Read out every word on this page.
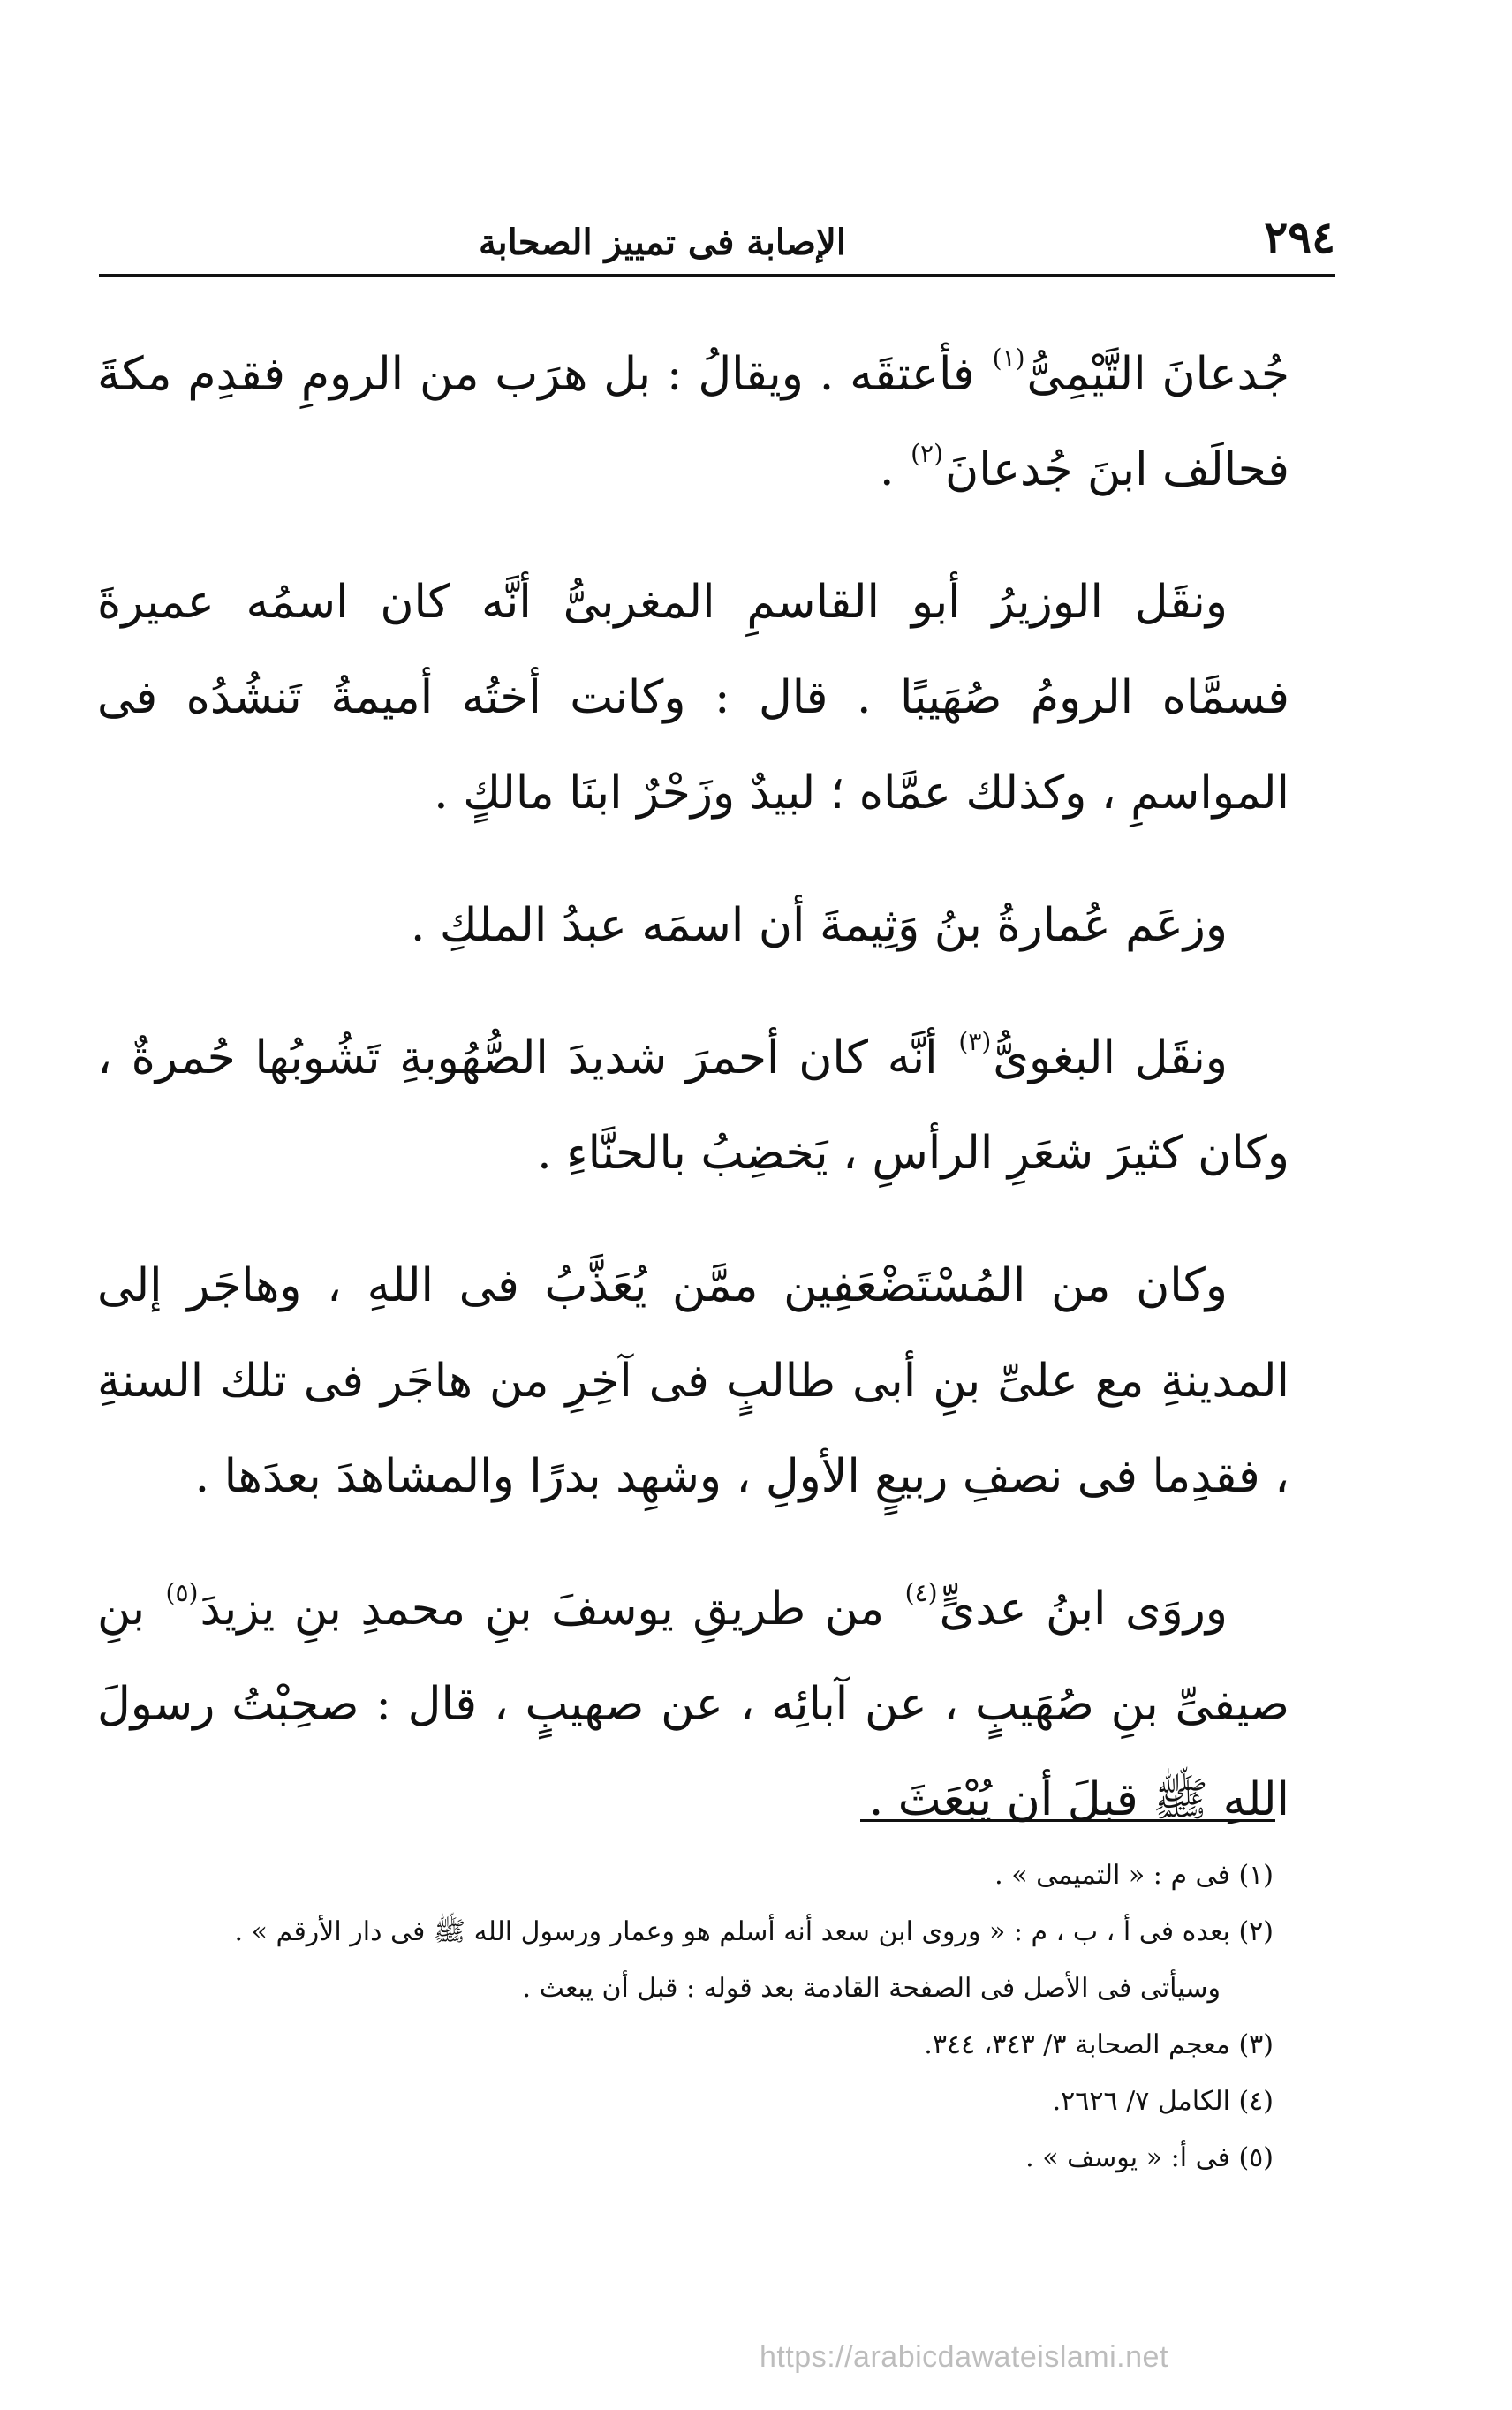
٢٩٤
الإصابة فى تمييز الصحابة

جُدعانَ التَّيْمِىُّ$^{(١)}$ فأعتقَه . ويقالُ : بل هرَب من الرومِ فقدِم مكةَ فحالَف ابنَ جُدعانَ$^{(٢)}$ .

ونقَل الوزيرُ أبو القاسمِ المغربىُّ أنَّه كان اسمُه عميرةَ فسمَّاه الرومُ صُهَيبًا . قال : وكانت أختُه أميمةُ تَنشُدُه فى المواسمِ ، وكذلك عمَّاه ؛ لبيدٌ وزَحْرٌ ابنَا مالكٍ .

وزعَم عُمارةُ بنُ وَثِيمةَ أن اسمَه عبدُ الملكِ .

ونقَل البغوىُّ$^{(٣)}$ أنَّه كان أحمرَ شديدَ الصُّهُوبةِ تَشُوبُها حُمرةٌ ، وكان كثيرَ شعَرِ الرأسِ ، يَخضِبُ بالحنَّاءِ .

وكان من المُسْتَضْعَفِين ممَّن يُعَذَّبُ فى اللهِ ، وهاجَر إلى المدينةِ مع علىِّ بنِ أبى طالبٍ فى آخِرِ من هاجَر فى تلك السنةِ ، فقدِما فى نصفِ ربيعٍ الأولِ ، وشهِد بدرًا والمشاهدَ بعدَها .

وروَى ابنُ عدىٍّ$^{(٤)}$ من طريقِ يوسفَ بنِ محمدِ بنِ يزيدَ$^{(٥)}$ بنِ صيفىِّ بنِ صُهَيبٍ ، عن آبائِه ، عن صهيبٍ ، قال : صحِبْتُ رسولَ اللهِ ﷺ قبلَ أن يُبْعَثَ .

(١) فى م : « التميمى » .

(٢) بعده فى أ ، ب ، م : « وروى ابن سعد أنه أسلم هو وعمار ورسول الله ﷺ فى دار الأرقم » .

وسيأتى فى الأصل فى الصفحة القادمة بعد قوله : قبل أن يبعث .

(٣) معجم الصحابة ٣/ ٣٤٣، ٣٤٤.

(٤) الكامل ٧/ ٢٦٢٦.

(٥) فى أ: « يوسف » .

https://arabicdawateislami.net
